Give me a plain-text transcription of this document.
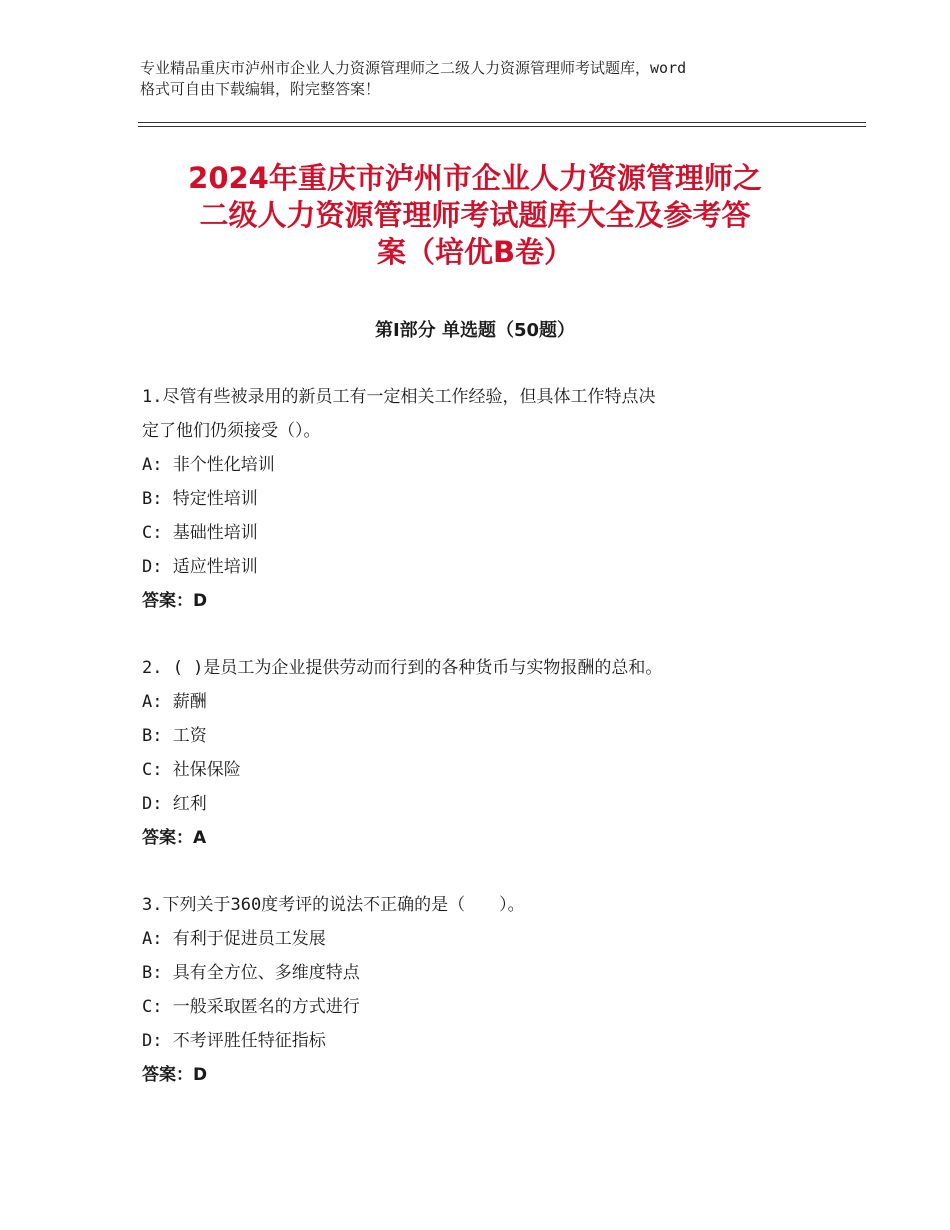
专业精品重庆市泸州市企业人力资源管理师之二级人力资源管理师考试题库，word
格式可自由下载编辑，附完整答案！
2024年重庆市泸州市企业人力资源管理师之
二级人力资源管理师考试题库大全及参考答
案（培优B卷）
第Ⅰ部分 单选题（50题）

1.尽管有些被录用的新员工有一定相关工作经验，但具体工作特点决
定了他们仍须接受（）。

A: 非个性化培训
B: 特定性培训
C: 基础性培训
D: 适应性培训
答案：D

2. ( )是员工为企业提供劳动而行到的各种货币与实物报酬的总和。

A: 薪酬
B: 工资
C: 社保保险
D: 红利
答案：A

3.下列关于360度考评的说法不正确的是（　　）。

A: 有利于促进员工发展
B: 具有全方位、多维度特点
C: 一般采取匿名的方式进行
D: 不考评胜任特征指标
答案：D
